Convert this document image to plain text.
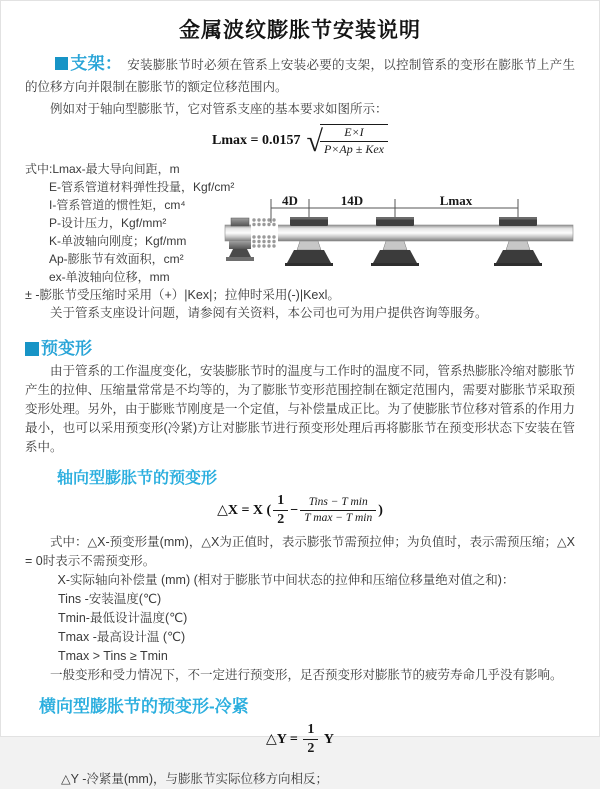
金属波纹膨胀节安装说明

支架： 安装膨胀节时必须在管系上安装必要的支架，以控制管系的变形在膨胀节上产生的位移方向并限制在膨胀节的额定位移范围内。

例如对于轴向型膨胀节，它对管系支座的基本要求如图所示：

Lmax = 0.0157 √
$\frac{E\times I}{\text{P×Ap ± Kex}}$
式中:Lmax-最大导向间距，m
E-管系管道材料弹性投量，Kgf/cm²
I-管系管道的惯性矩，cm⁴
P-设计压力，Kgf/mm²
K-单波轴向刚度；Kgf/mm
Ap-膨胀节有效面积，cm²
ex-单波轴向位移，mm
4D	14D	Lmax

± -膨胀节受压缩时采用（+）|Kex|；拉伸时采用(-)|Kexl。

关于管系支座设计问题，请参阅有关资料，本公司也可为用户提供咨询等服务。

预变形

由于管系的工作温度变化，安装膨胀节时的温度与工作时的温度不同，管系热膨胀冷缩对膨胀节产生的拉伸、压缩量常常是不均等的，为了膨胀节变形范围控制在额定范围内，需要对膨胀节采取预变形处理。另外，由于膨账节刚度是一个定值，与补偿量成正比。为了使膨胀节位移对管系的作用力最小，也可以采用预变形(冷紧)方让对膨胀节进行预变形处理后再将膨胀节在预变形状态下安装在管系中。

轴向型膨胀节的预变形
△X = X ( $\frac{1}{2} - \frac{\text{Tins − T min}}{\text{T max − T min}}$ )

式中：△X-预变形量(mm)，△X为正值时，表示膨张节需预拉伸；为负值时，表示需预压缩；△X = 0时表示不需预变形。

X-实际轴向补偿量 (mm) (相对于膨胀节中间状态的拉伸和压缩位移量绝对值之和)：

Tins -安装温度(℃)
Tmin-最低设计温度(℃)
Tmax -最高设计温 (℃)
Tmax > Tins ≥ Tmin

一般变形和受力情况下，不一定进行预变形，足否预变形对膨胀节的疲劳寿命几乎没有影响。

横向型膨胀节的预变形-冷紧
△Y = $\frac{1}{2}$ Y

△Y -冷紧量(mm)，与膨胀节实际位移方向相反；
